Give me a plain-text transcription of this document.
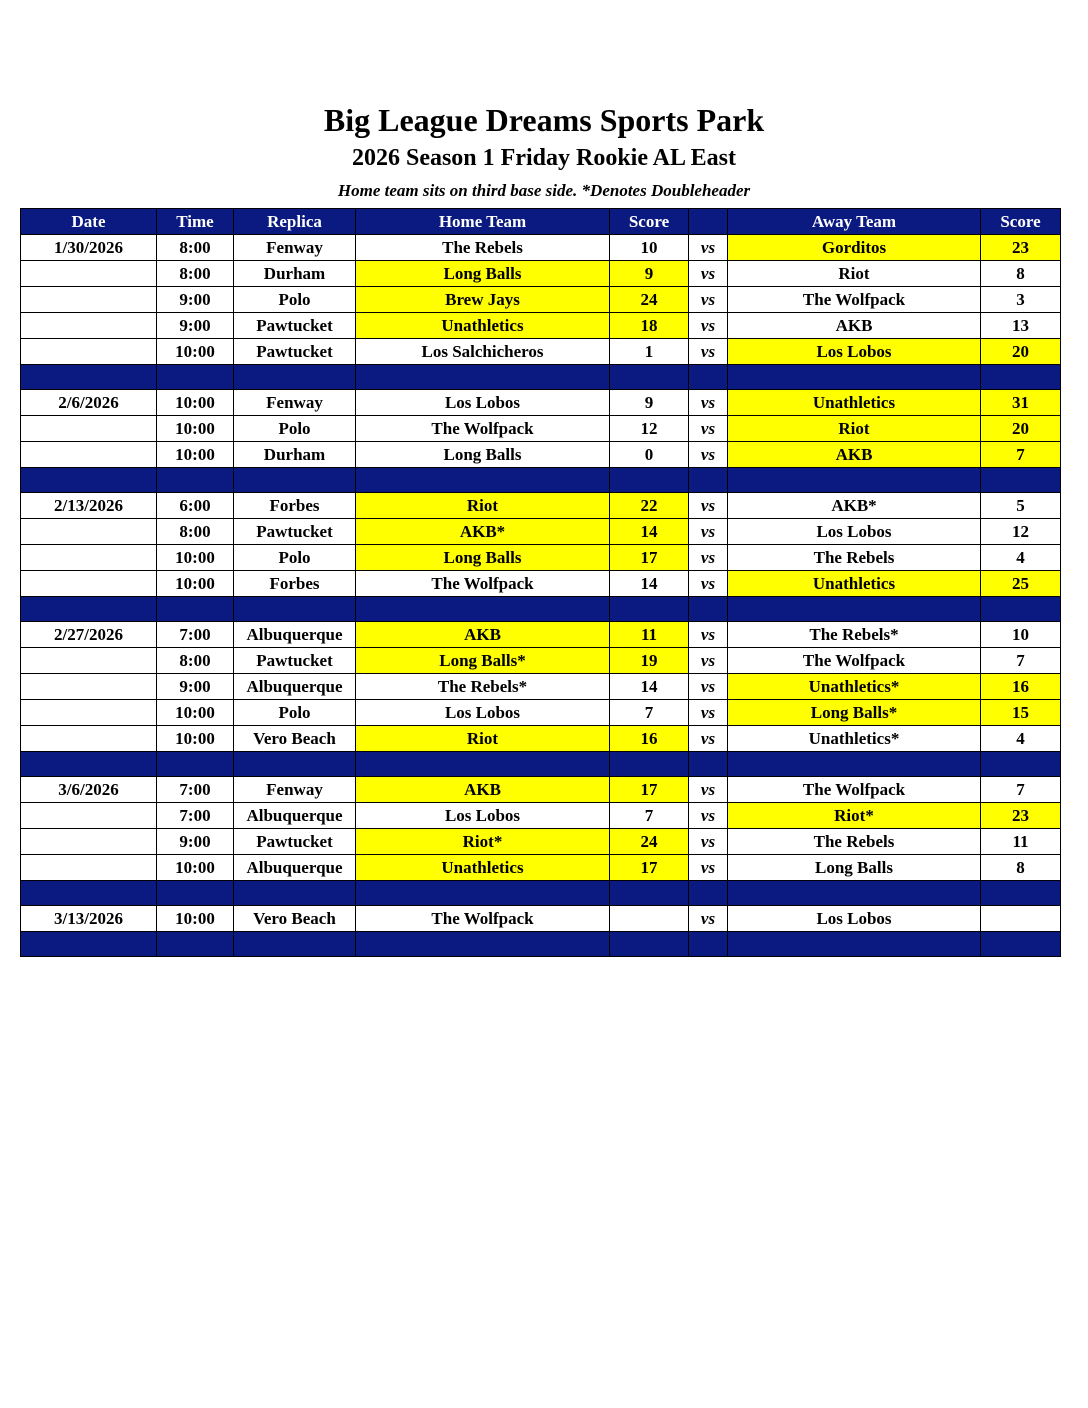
Big League Dreams Sports Park
2026 Season 1 Friday Rookie AL East
Home team sits on third base side. *Denotes Doubleheader
Date	Time	Replica	Home Team	Score		Away Team	Score
1/30/2026	8:00	Fenway	The Rebels	10	vs	Gorditos	23
	8:00	Durham	Long Balls	9	vs	Riot	8
	9:00	Polo	Brew Jays	24	vs	The Wolfpack	3
	9:00	Pawtucket	Unathletics	18	vs	AKB	13
	10:00	Pawtucket	Los Salchicheros	1	vs	Los Lobos	20

2/6/2026	10:00	Fenway	Los Lobos	9	vs	Unathletics	31
	10:00	Polo	The Wolfpack	12	vs	Riot	20
	10:00	Durham	Long Balls	0	vs	AKB	7

2/13/2026	6:00	Forbes	Riot	22	vs	AKB*	5
	8:00	Pawtucket	AKB*	14	vs	Los Lobos	12
	10:00	Polo	Long Balls	17	vs	The Rebels	4
	10:00	Forbes	The Wolfpack	14	vs	Unathletics	25

2/27/2026	7:00	Albuquerque	AKB	11	vs	The Rebels*	10
	8:00	Pawtucket	Long Balls*	19	vs	The Wolfpack	7
	9:00	Albuquerque	The Rebels*	14	vs	Unathletics*	16
	10:00	Polo	Los Lobos	7	vs	Long Balls*	15
	10:00	Vero Beach	Riot	16	vs	Unathletics*	4

3/6/2026	7:00	Fenway	AKB	17	vs	The Wolfpack	7
	7:00	Albuquerque	Los Lobos	7	vs	Riot*	23
	9:00	Pawtucket	Riot*	24	vs	The Rebels	11
	10:00	Albuquerque	Unathletics	17	vs	Long Balls	8

3/13/2026	10:00	Vero Beach	The Wolfpack		vs	Los Lobos	
